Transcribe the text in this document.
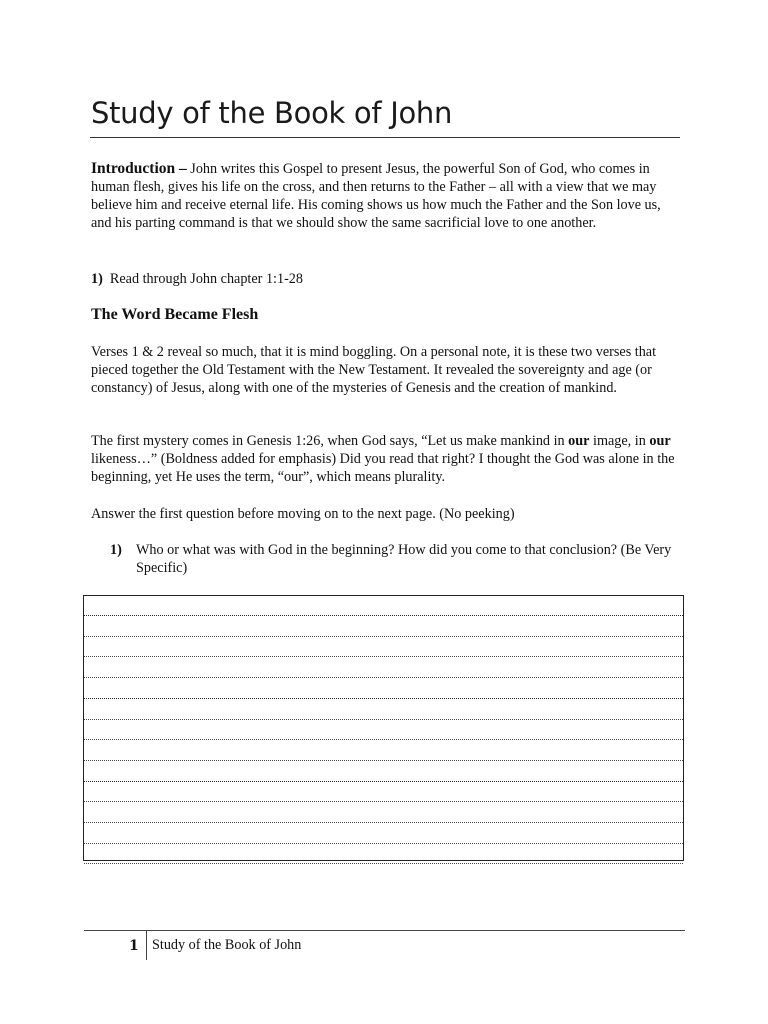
Study of the Book of John

Introduction – John writes this Gospel to present Jesus, the powerful Son of God, who comes in human flesh, gives his life on the cross, and then returns to the Father – all with a view that we may believe him and receive eternal life. His coming shows us how much the Father and the Son love us, and his parting command is that we should show the same sacrificial love to one another.

1) Read through John chapter 1:1-28

The Word Became Flesh

Verses 1 & 2 reveal so much, that it is mind boggling. On a personal note, it is these two verses that pieced together the Old Testament with the New Testament. It revealed the sovereignty and age (or constancy) of Jesus, along with one of the mysteries of Genesis and the creation of mankind.

The first mystery comes in Genesis 1:26, when God says, “Let us make mankind in our image, in our likeness…” (Boldness added for emphasis) Did you read that right? I thought the God was alone in the beginning, yet He uses the term, “our”, which means plurality.

Answer the first question before moving on to the next page. (No peeking)

1) Who or what was with God in the beginning? How did you come to that conclusion? (Be Very Specific)
1 Study of the Book of John
